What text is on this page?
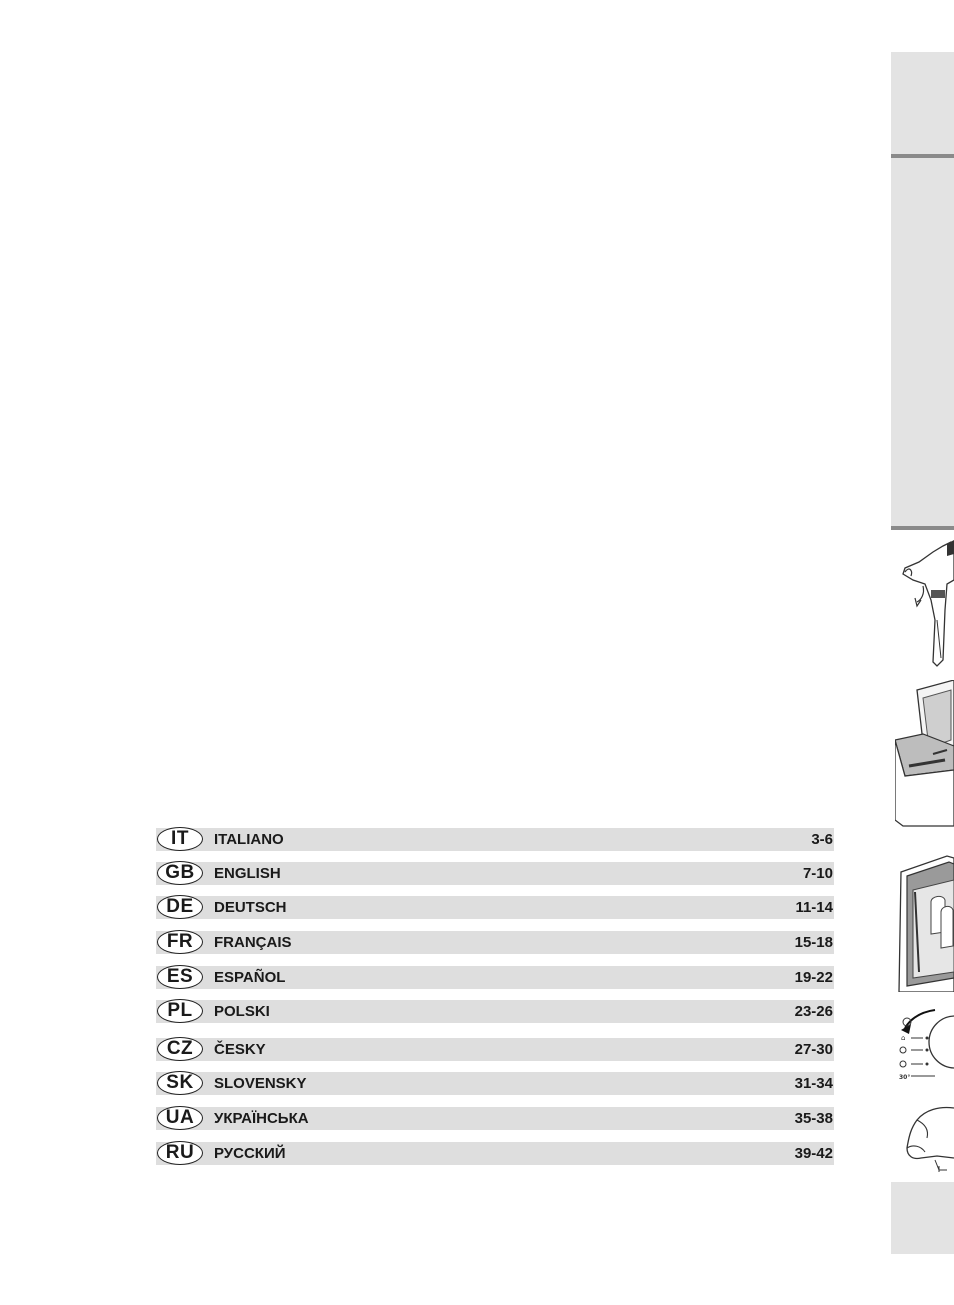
⌂
30°
IT	ITALIANO	3-6
GB	ENGLISH	7-10
DE	DEUTSCH	11-14
FR	FRANÇAIS	15-18
ES	ESPAÑOL	19-22
PL	POLSKI	23-26
CZ	ČESKY	27-30
SK	SLOVENSKY	31-34
UA	УКРАЇНСЬКА	35-38
RU	РУССКИЙ	39-42
